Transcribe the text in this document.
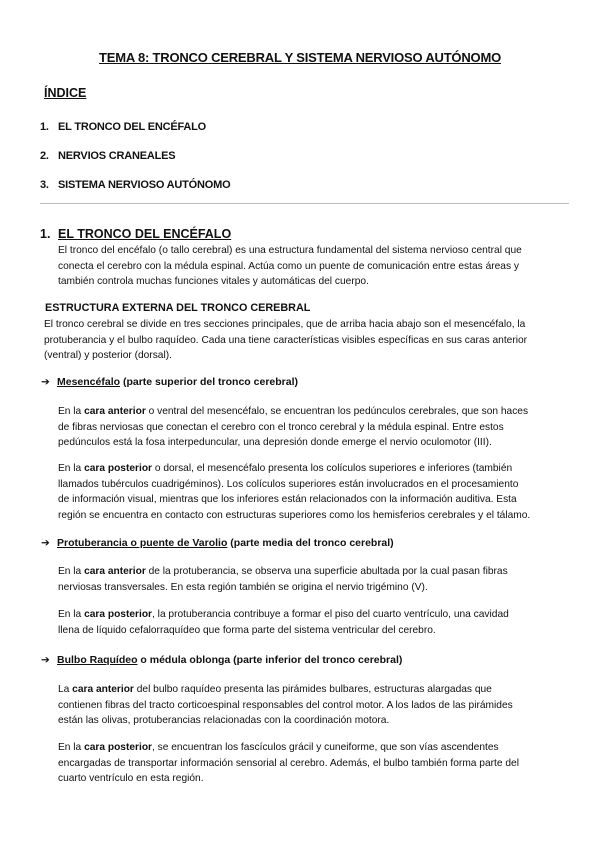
TEMA 8: TRONCO CEREBRAL Y SISTEMA NERVIOSO AUTÓNOMO
ÍNDICE
1. EL TRONCO DEL ENCÉFALO
2. NERVIOS CRANEALES
3. SISTEMA NERVIOSO AUTÓNOMO
1. EL TRONCO DEL ENCÉFALO
El tronco del encéfalo (o tallo cerebral) es una estructura fundamental del sistema nervioso central que
conecta el cerebro con la médula espinal. Actúa como un puente de comunicación entre estas áreas y
también controla muchas funciones vitales y automáticas del cuerpo.
ESTRUCTURA EXTERNA DEL TRONCO CEREBRAL
El tronco cerebral se divide en tres secciones principales, que de arriba hacia abajo son el mesencéfalo, la
protuberancia y el bulbo raquídeo. Cada una tiene características visibles específicas en sus caras anterior
(ventral) y posterior (dorsal).
➔ Mesencéfalo (parte superior del tronco cerebral)
En la cara anterior o ventral del mesencéfalo, se encuentran los pedúnculos cerebrales, que son haces
de fibras nerviosas que conectan el cerebro con el tronco cerebral y la médula espinal. Entre estos
pedúnculos está la fosa interpeduncular, una depresión donde emerge el nervio oculomotor (III).
En la cara posterior o dorsal, el mesencéfalo presenta los colículos superiores e inferiores (también
llamados tubérculos cuadrigéminos). Los colículos superiores están involucrados en el procesamiento
de información visual, mientras que los inferiores están relacionados con la información auditiva. Esta
región se encuentra en contacto con estructuras superiores como los hemisferios cerebrales y el tálamo.
➔ Protuberancia o puente de Varolio (parte media del tronco cerebral)
En la cara anterior de la protuberancia, se observa una superficie abultada por la cual pasan fibras
nerviosas transversales. En esta región también se origina el nervio trigémino (V).
En la cara posterior, la protuberancia contribuye a formar el piso del cuarto ventrículo, una cavidad
llena de líquido cefalorraquídeo que forma parte del sistema ventricular del cerebro.
➔ Bulbo Raquídeo o médula oblonga (parte inferior del tronco cerebral)
La cara anterior del bulbo raquídeo presenta las pirámides bulbares, estructuras alargadas que
contienen fibras del tracto corticoespinal responsables del control motor. A los lados de las pirámides
están las olivas, protuberancias relacionadas con la coordinación motora.
En la cara posterior, se encuentran los fascículos grácil y cuneiforme, que son vías ascendentes
encargadas de transportar información sensorial al cerebro. Además, el bulbo también forma parte del
cuarto ventrículo en esta región.
